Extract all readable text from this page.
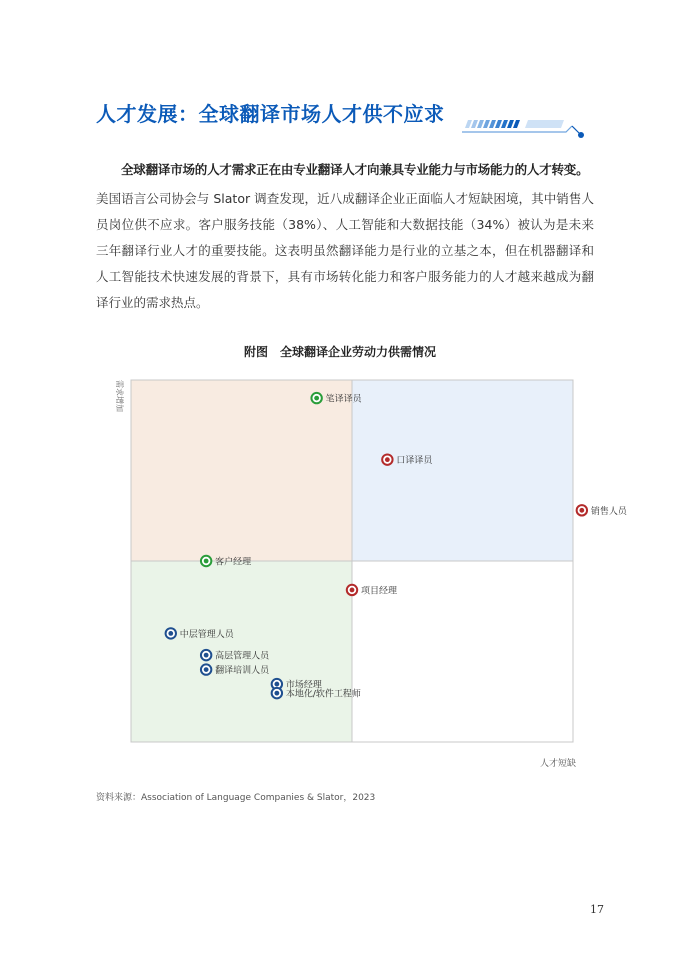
人才发展：全球翻译市场人才供不应求

全球翻译市场的人才需求正在由专业翻译人才向兼具专业能力与市场能力的人才转变。

美国语言公司协会与 Slator 调查发现，近八成翻译企业正面临人才短缺困境，其中销售人员岗位供不应求。客户服务技能（38%）、人工智能和大数据技能（34%）被认为是未来三年翻译行业人才的重要技能。这表明虽然翻译能力是行业的立基之本，但在机器翻译和人工智能技术快速发展的背景下，具有市场转化能力和客户服务能力的人才越来越成为翻译行业的需求热点。

附图　全球翻译企业劳动力供需情况

笔译译员
口译译员
销售人员
客户经理
项目经理
中层管理人员
高层管理人员
翻译培训人员
市场经理
本地化/软件工程师
需求增加
人才短缺

资料来源：Association of Language Companies & Slator，2023

17
